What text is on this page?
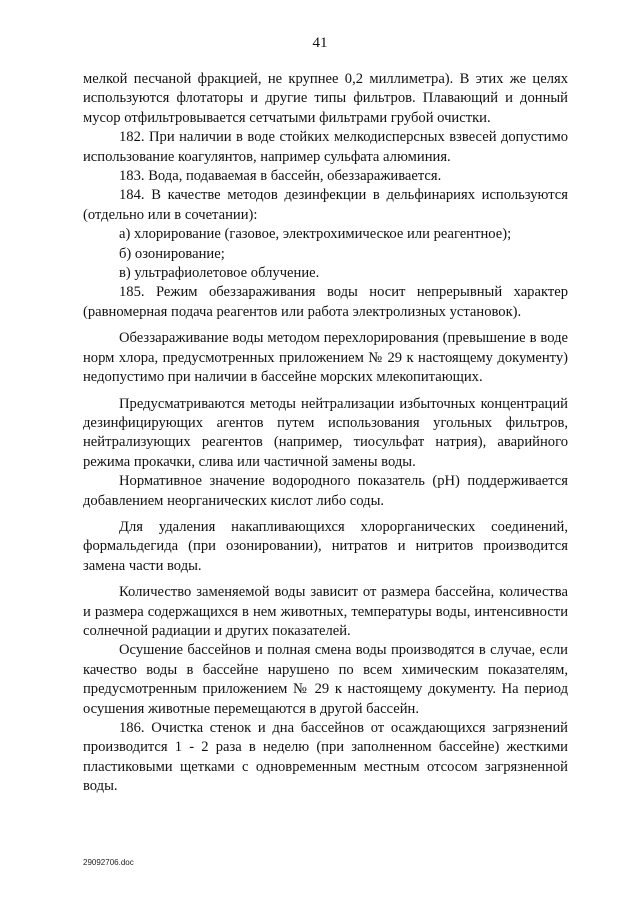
41

мелкой песчаной фракцией, не крупнее 0,2 миллиметра). В этих же целях используются флотаторы и другие типы фильтров. Плавающий и донный мусор отфильтровывается сетчатыми фильтрами грубой очистки.

182. При наличии в воде стойких мелкодисперсных взвесей допустимо использование коагулянтов, например сульфата алюминия.

183. Вода, подаваемая в бассейн, обеззараживается.

184. В качестве методов дезинфекции в дельфинариях используются (отдельно или в сочетании):

а) хлорирование (газовое, электрохимическое или реагентное);

б) озонирование;

в) ультрафиолетовое облучение.

185. Режим обеззараживания воды носит непрерывный характер (равномерная подача реагентов или работа электролизных установок).

Обеззараживание воды методом перехлорирования (превышение в воде норм хлора, предусмотренных приложением № 29 к настоящему документу) недопустимо при наличии в бассейне морских млекопитающих.

Предусматриваются методы нейтрализации избыточных концентраций дезинфицирующих агентов путем использования угольных фильтров, нейтрализующих реагентов (например, тиосульфат натрия), аварийного режима прокачки, слива или частичной замены воды.

Нормативное значение водородного показатель (рН) поддерживается добавлением неорганических кислот либо соды.

Для удаления накапливающихся хлорорганических соединений, формальдегида (при озонировании), нитратов и нитритов производится замена части воды.

Количество заменяемой воды зависит от размера бассейна, количества и размера содержащихся в нем животных, температуры воды, интенсивности солнечной радиации и других показателей.

Осушение бассейнов и полная смена воды производятся в случае, если качество воды в бассейне нарушено по всем химическим показателям, предусмотренным приложением № 29 к настоящему документу. На период осушения животные перемещаются в другой бассейн.

186. Очистка стенок и дна бассейнов от осаждающихся загрязнений производится 1 - 2 раза в неделю (при заполненном бассейне) жесткими пластиковыми щетками с одновременным местным отсосом загрязненной воды.

29092706.doc
